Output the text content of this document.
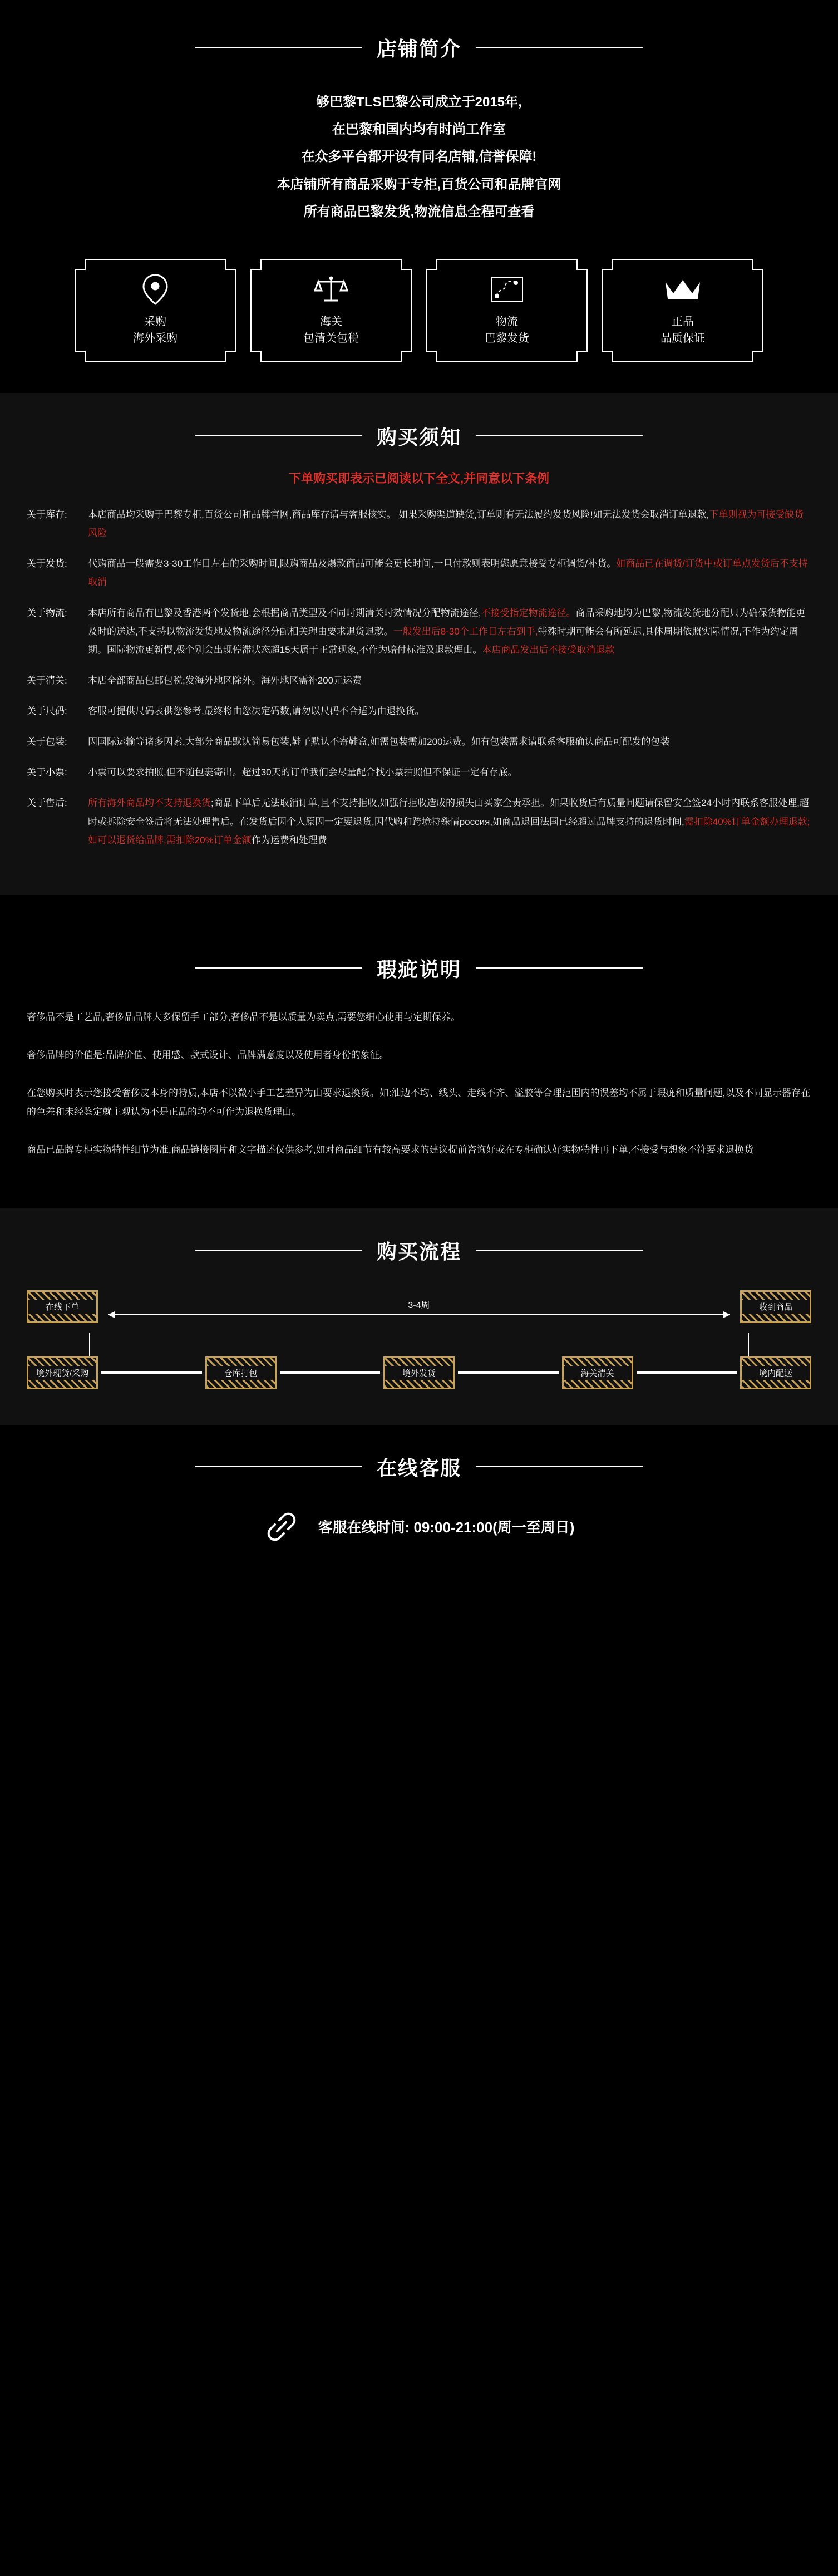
店铺简介
够巴黎TLS巴黎公司成立于2015年,
在巴黎和国内均有时尚工作室
在众多平台都开设有同名店铺,信誉保障!
本店铺所有商品采购于专柜,百货公司和品牌官网
所有商品巴黎发货,物流信息全程可查看
采购
海外采购
海关
包清关包税
物流
巴黎发货
正品
品质保证
购买须知
下单购买即表示已阅读以下全文,并同意以下条例
关于库存:	本店商品均采购于巴黎专柜,百货公司和品牌官网,商品库存请与客服核实。 如果采购渠道缺货,订单则有无法履约发货风险!如无法发货会取消订单退款,下单则视为可接受缺货风险
关于发货:	代购商品一般需要3-30工作日左右的采购时间,限购商品及爆款商品可能会更长时间,一旦付款则表明您愿意接受专柜调货/补货。如商品已在调货/订货中或订单点发货后不支持取消
关于物流:	本店所有商品有巴黎及香港两个发货地,会根据商品类型及不同时期清关时效情况分配物流途径,不接受指定物流途径。商品采购地均为巴黎,物流发货地分配只为确保货物能更及时的送达,不支持以物流发货地及物流途径分配相关理由要求退货退款。一般发出后8-30个工作日左右到手,特殊时期可能会有所延迟,具体周期依照实际情况,不作为约定周期。国际物流更新慢,极个别会出现停滞状态超15天属于正常现象,不作为赔付标准及退款理由。本店商品发出后不接受取消退款
关于清关:	本店全部商品包邮包税;发海外地区除外。海外地区需补200元运费
关于尺码:	客服可提供尺码表供您参考,最终将由您决定码数,请勿以尺码不合适为由退换货。
关于包装:	因国际运输等诸多因素,大部分商品默认简易包装,鞋子默认不寄鞋盒,如需包装需加200运费。如有包装需求请联系客服确认商品可配发的包装
关于小票:	小票可以要求拍照,但不随包裹寄出。超过30天的订单我们会尽量配合找小票拍照但不保证一定有存底。
关于售后:	所有海外商品均不支持退换货;商品下单后无法取消订单,且不支持拒收,如强行拒收造成的损失由买家全责承担。如果收货后有质量问题请保留安全签24小时内联系客服处理,超时或拆除安全签后将无法处理售后。在发货后因个人原因一定要退货,因代购和跨境特殊情россия,如商品退回法国已经超过品牌支持的退货时间,需扣除40%订单金额办理退款;如可以退货给品牌,需扣除20%订单金额作为运费和处理费
瑕疵说明

奢侈品不是工艺品,奢侈品品牌大多保留手工部分,奢侈品不是以质量为卖点,需要您细心使用与定期保养。

奢侈品牌的价值是:品牌价值、使用感、款式设计、品牌满意度以及使用者身份的象征。

在您购买时表示您接受奢侈皮本身的特质,本店不以微小手工艺差异为由要求退换货。如:油边不均、线头、走线不齐、溢胶等合理范围内的误差均不属于瑕疵和质量问题,以及不同显示器存在的色差和未经鉴定就主观认为不是正品的均不可作为退换货理由。

商品已品牌专柜实物特性细节为准,商品链接图片和文字描述仅供参考,如对商品细节有较高要求的建议提前咨询好或在专柜确认好实物特性再下单,不接受与想象不符要求退换货

购买流程
在线下单	3-4周	收到商品
境外现货/采购	仓库打包	境外发货	海关清关	境内配送
在线客服
客服在线时间: 09:00-21:00(周一至周日)
